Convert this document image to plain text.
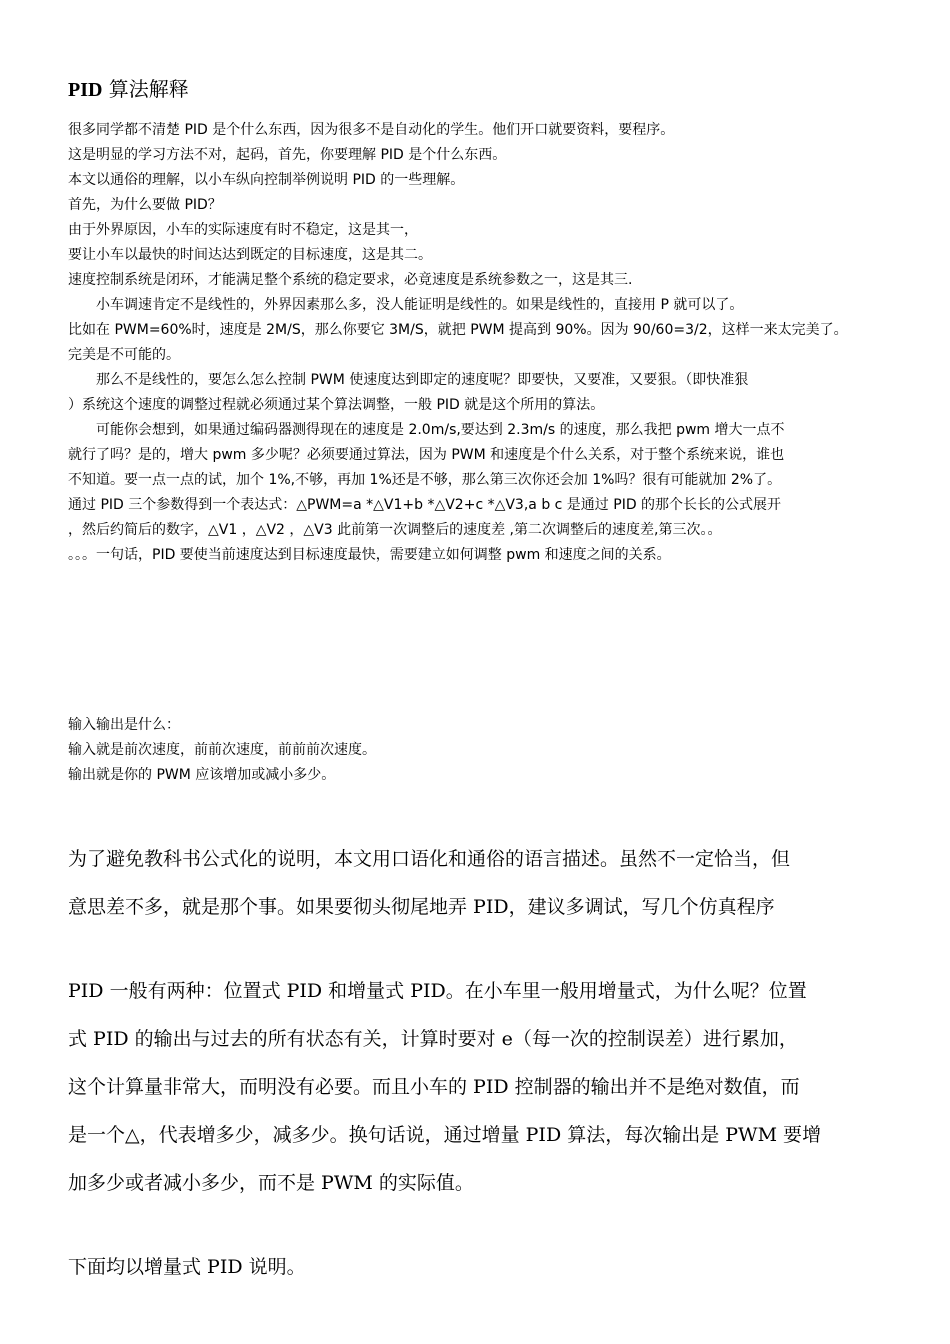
PID 算法解释
很多同学都不清楚 PID 是个什么东西，因为很多不是自动化的学生。他们开口就要资料，要程序。
这是明显的学习方法不对，起码，首先，你要理解 PID 是个什么东西。
本文以通俗的理解，以小车纵向控制举例说明 PID 的一些理解。
首先，为什么要做 PID？
由于外界原因，小车的实际速度有时不稳定，这是其一，
要让小车以最快的时间达达到既定的目标速度，这是其二。
速度控制系统是闭环，才能满足整个系统的稳定要求，必竟速度是系统参数之一，这是其三.
小车调速肯定不是线性的，外界因素那么多，没人能证明是线性的。如果是线性的，直接用 P 就可以了。
比如在 PWM=60%时，速度是 2M/S，那么你要它 3M/S，就把 PWM 提高到 90%。因为 90/60=3/2，这样一来太完美了。
完美是不可能的。
那么不是线性的，要怎么怎么控制 PWM 使速度达到即定的速度呢？即要快，又要准，又要狠。（即快准狠
）系统这个速度的调整过程就必须通过某个算法调整，一般 PID 就是这个所用的算法。
可能你会想到，如果通过编码器测得现在的速度是 2.0m/s,要达到 2.3m/s 的速度，那么我把 pwm 增大一点不
就行了吗？是的，增大 pwm 多少呢？必须要通过算法，因为 PWM 和速度是个什么关系，对于整个系统来说，谁也
不知道。要一点一点的试，加个 1%,不够，再加 1%还是不够，那么第三次你还会加 1%吗？很有可能就加 2%了。
通过 PID 三个参数得到一个表达式：△PWM=a *△V1+b *△V2+c *△V3,a b c 是通过 PID 的那个长长的公式展开
，然后约简后的数字，△V1 ，△V2 ，△V3 此前第一次调整后的速度差 ,第二次调整后的速度差,第三次。。
。。。一句话，PID 要使当前速度达到目标速度最快，需要建立如何调整 pwm 和速度之间的关系。
输入输出是什么：
输入就是前次速度，前前次速度，前前前次速度。
输出就是你的 PWM 应该增加或减小多少。
为了避免教科书公式化的说明，本文用口语化和通俗的语言描述。虽然不一定恰当，但
意思差不多，就是那个事。如果要彻头彻尾地弄 PID，建议多调试，写几个仿真程序
PID 一般有两种：位置式 PID 和增量式 PID。在小车里一般用增量式，为什么呢？位置
式 PID 的输出与过去的所有状态有关，计算时要对 e（每一次的控制误差）进行累加，
这个计算量非常大，而明没有必要。而且小车的 PID 控制器的输出并不是绝对数值，而
是一个△，代表增多少，减多少。换句话说，通过增量 PID 算法，每次输出是 PWM 要增
加多少或者减小多少，而不是 PWM 的实际值。
下面均以增量式 PID 说明。
